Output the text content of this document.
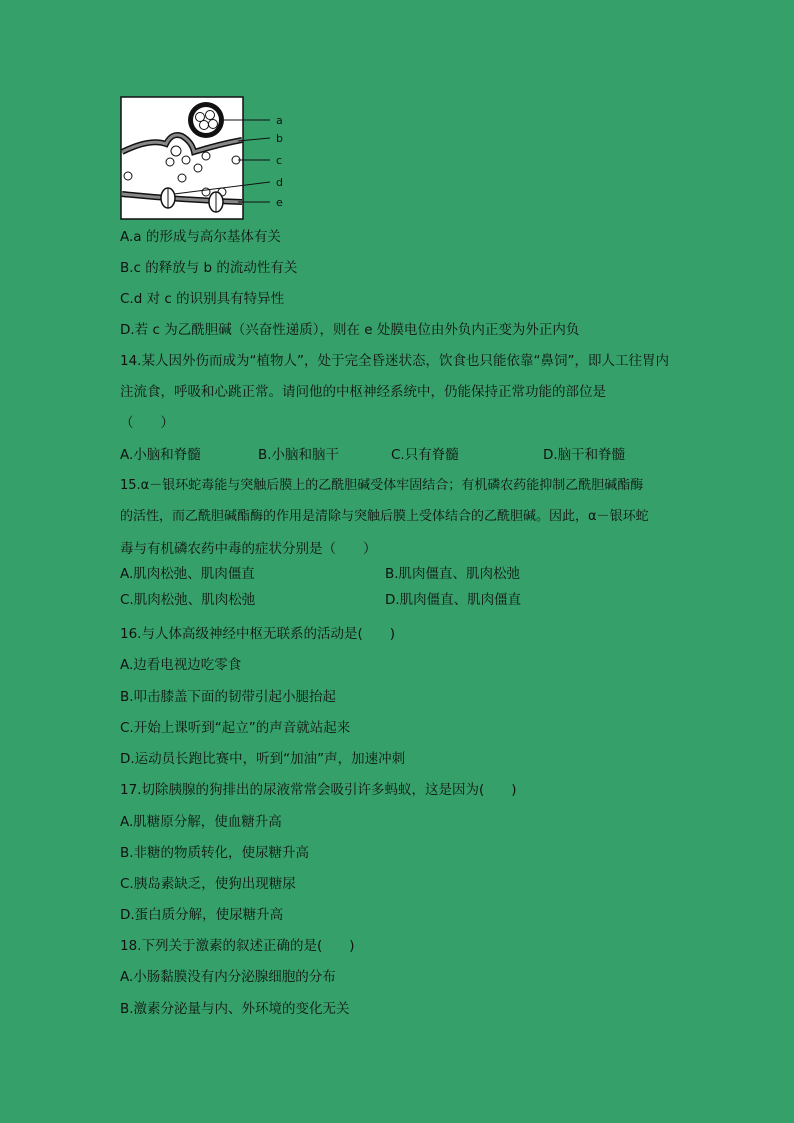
a
b
c
d
e
A.a 的形成与高尔基体有关
B.c 的释放与 b 的流动性有关
C.d 对 c 的识别具有特异性
D.若 c 为乙酰胆碱（兴奋性递质），则在 e 处膜电位由外负内正变为外正内负
14.某人因外伤而成为“植物人”，处于完全昏迷状态，饮食也只能依靠“鼻饲”，即人工往胃内
注流食，呼吸和心跳正常。请问他的中枢神经系统中，仍能保持正常功能的部位是
（　　）
A.小脑和脊髓	B.小脑和脑干	C.只有脊髓	D.脑干和脊髓
15.α－银环蛇毒能与突触后膜上的乙酰胆碱受体牢固结合；有机磷农药能抑制乙酰胆碱酯酶
的活性，而乙酰胆碱酯酶的作用是清除与突触后膜上受体结合的乙酰胆碱。因此，α－银环蛇
毒与有机磷农药中毒的症状分别是（　　）
A.肌肉松弛、肌肉僵直	B.肌肉僵直、肌肉松弛
C.肌肉松弛、肌肉松弛	D.肌肉僵直、肌肉僵直
16.与人体高级神经中枢无联系的活动是(　　)
A.边看电视边吃零食
B.叩击膝盖下面的韧带引起小腿抬起
C.开始上课听到“起立”的声音就站起来
D.运动员长跑比赛中，听到“加油”声，加速冲刺
17.切除胰腺的狗排出的尿液常常会吸引许多蚂蚁，这是因为(　　)
A.肌糖原分解，使血糖升高
B.非糖的物质转化，使尿糖升高
C.胰岛素缺乏，使狗出现糖尿
D.蛋白质分解，使尿糖升高
18.下列关于激素的叙述正确的是(　　)
A.小肠黏膜没有内分泌腺细胞的分布
B.激素分泌量与内、外环境的变化无关
